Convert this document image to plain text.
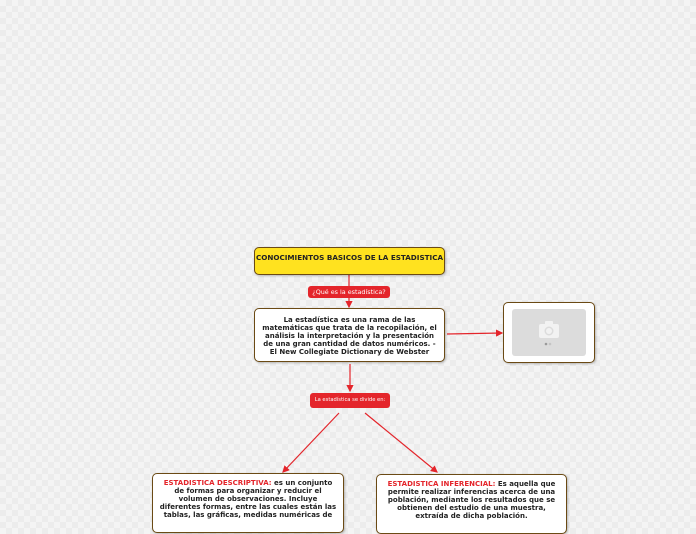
CONOCIMIENTOS BASICOS DE LA ESTADISTICA
¿Qué es la estadística?
La estadística es una rama de las matemáticas que trata de la recopilación, el análisis la interpretación y la presentación de una gran cantidad de datos numéricos. -El New Collegiate Dictionary de Webster
La estadística se divide en:
ESTADISTICA DESCRIPTIVA: es un conjunto de formas para organizar y reducir el volumen de observaciones. Incluye diferentes formas, entre las cuales están las tablas, las gráficas, medidas numéricas de
ESTADISTICA INFERENCIAL: Es aquella que permite realizar inferencias acerca de una población, mediante los resultados que se obtienen del estudio de una muestra, extraída de dicha población.
